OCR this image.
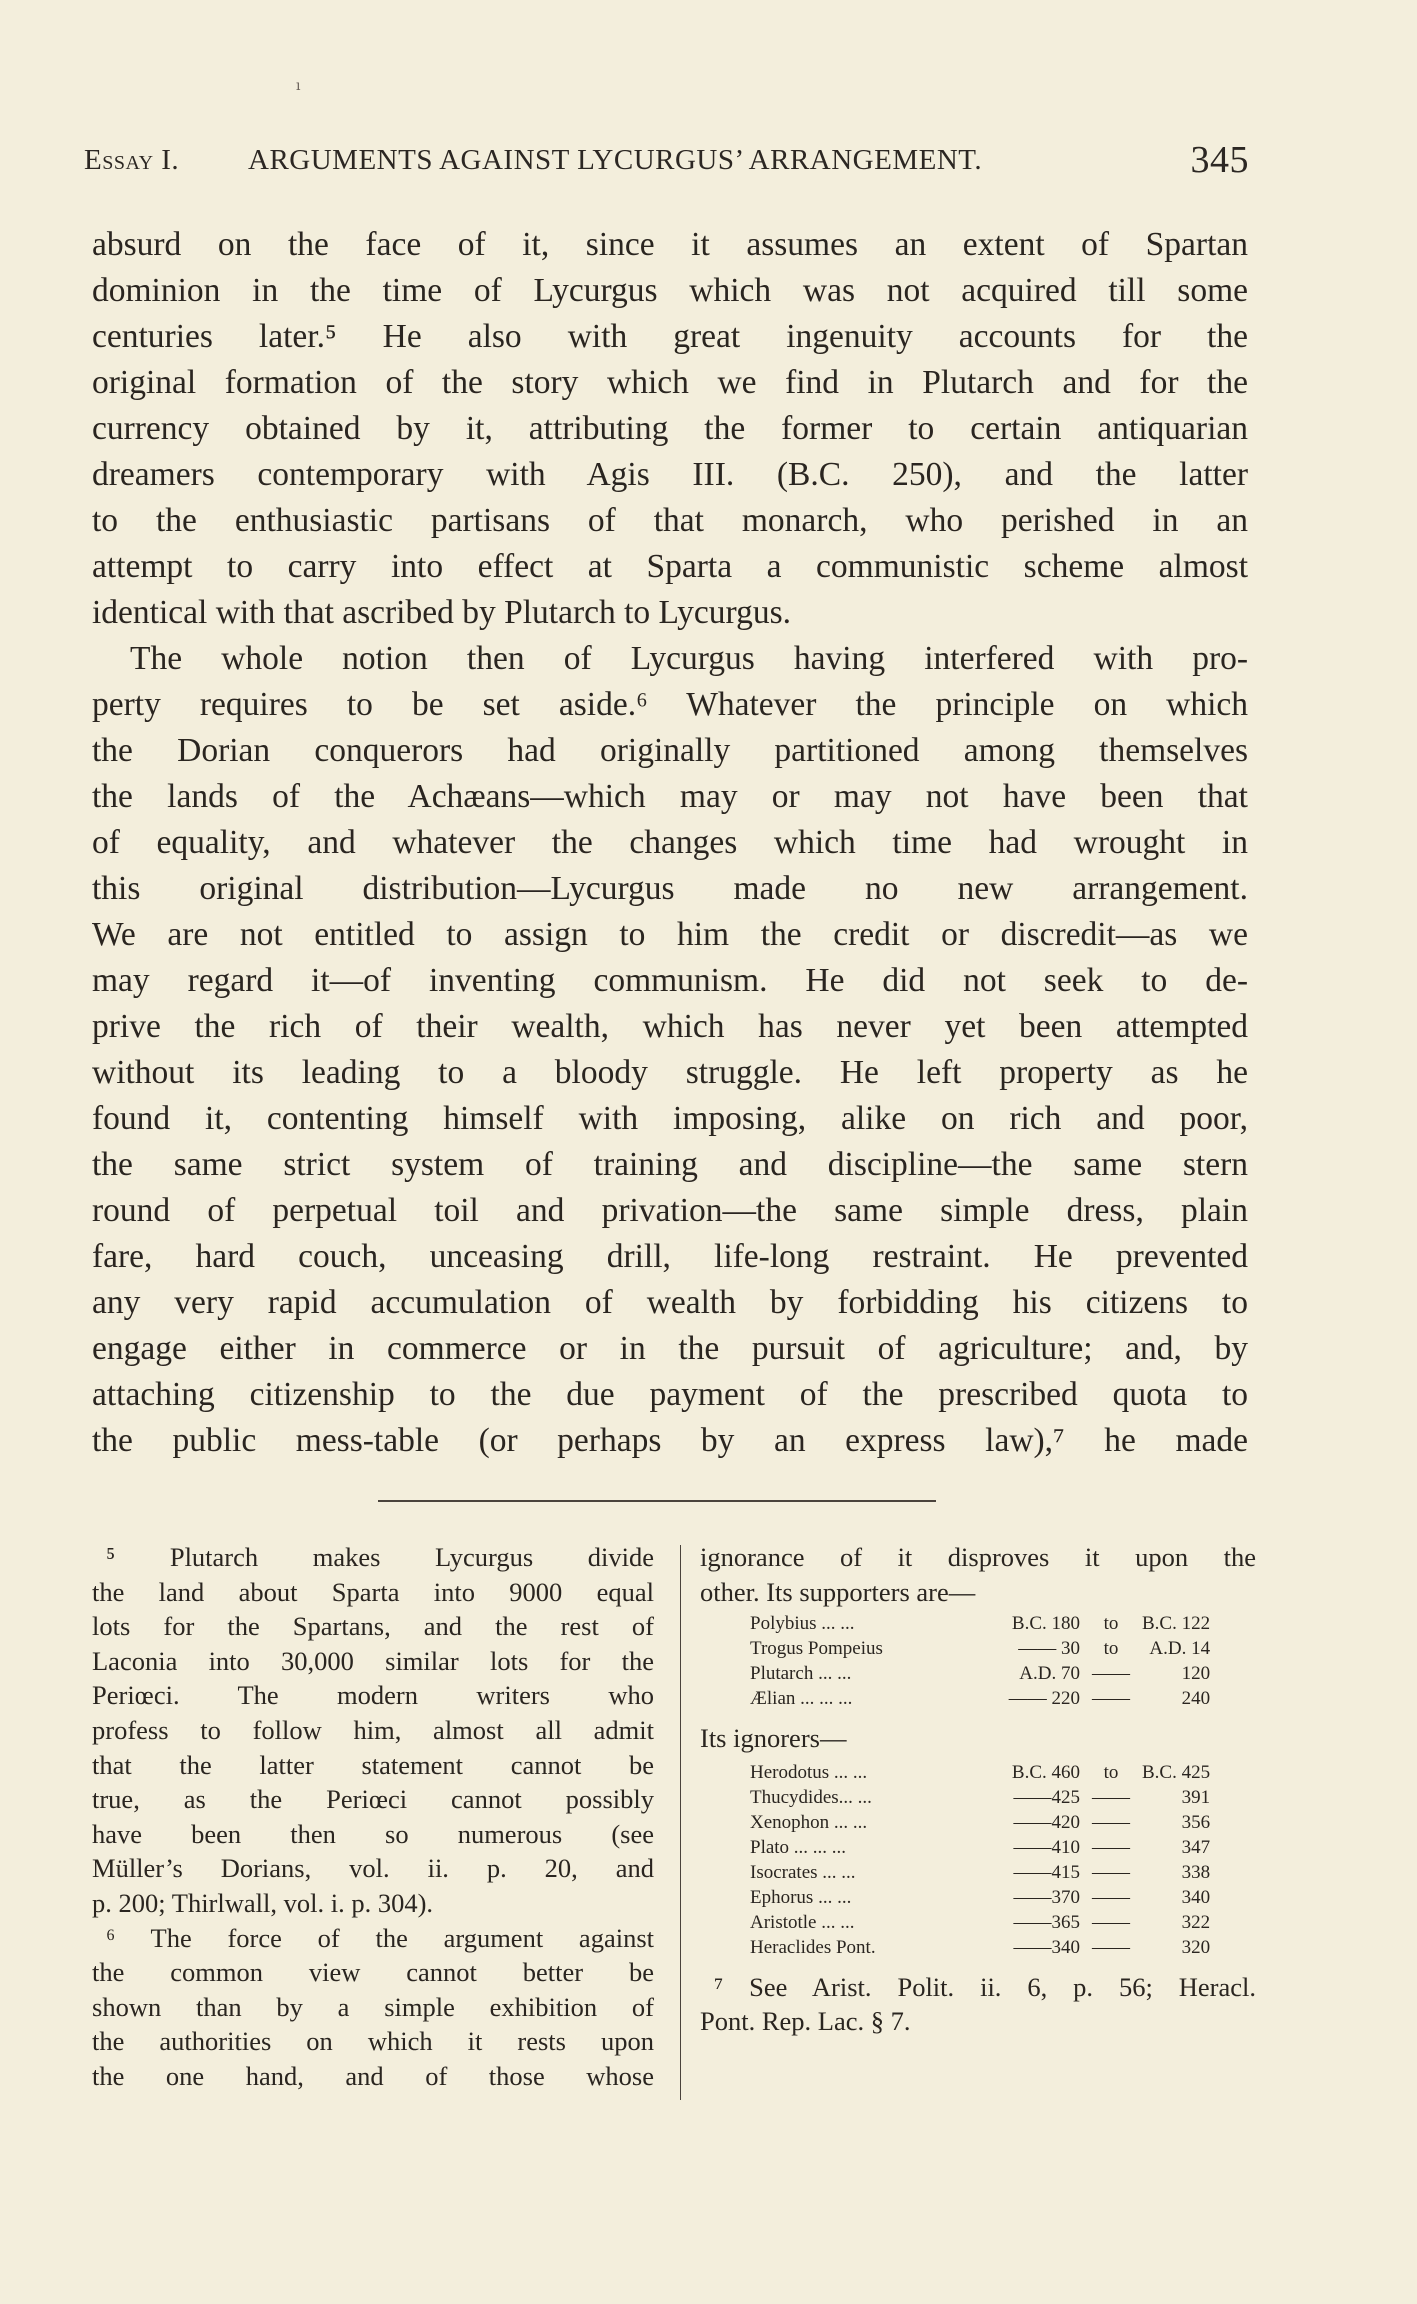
ı
Essay I. ARGUMENTS AGAINST LYCURGUS’ ARRANGEMENT.	345
absurd on the face of it, since it assumes an extent of Spartan
dominion in the time of Lycurgus which was not acquired till some
centuries later.⁵ He also with great ingenuity accounts for the
original formation of the story which we find in Plutarch and for the
currency obtained by it, attributing the former to certain antiquarian
dreamers contemporary with Agis III. (B.C. 250), and the latter
to the enthusiastic partisans of that monarch, who perished in an
attempt to carry into effect at Sparta a communistic scheme almost
identical with that ascribed by Plutarch to Lycurgus.
The whole notion then of Lycurgus having interfered with pro-
perty requires to be set aside.⁶ Whatever the principle on which
the Dorian conquerors had originally partitioned among themselves
the lands of the Achæans—which may or may not have been that
of equality, and whatever the changes which time had wrought in
this original distribution—Lycurgus made no new arrangement.
We are not entitled to assign to him the credit or discredit—as we
may regard it—of inventing communism. He did not seek to de-
prive the rich of their wealth, which has never yet been attempted
without its leading to a bloody struggle. He left property as he
found it, contenting himself with imposing, alike on rich and poor,
the same strict system of training and discipline—the same stern
round of perpetual toil and privation—the same simple dress, plain
fare, hard couch, unceasing drill, life-long restraint. He prevented
any very rapid accumulation of wealth by forbidding his citizens to
engage either in commerce or in the pursuit of agriculture; and, by
attaching citizenship to the due payment of the prescribed quota to
the public mess-table (or perhaps by an express law),⁷ he made
⁵ Plutarch makes Lycurgus divide
the land about Sparta into 9000 equal
lots for the Spartans, and the rest of
Laconia into 30,000 similar lots for the
Periœci. The modern writers who
profess to follow him, almost all admit
that the latter statement cannot be
true, as the Periœci cannot possibly
have been then so numerous (see
Müller’s Dorians, vol. ii. p. 20, and
p. 200; Thirlwall, vol. i. p. 304).
⁶ The force of the argument against
the common view cannot better be
shown than by a simple exhibition of
the authorities on which it rests upon
the one hand, and of those whose
ignorance of it disproves it upon the
other. Its supporters are—
Polybius ... ...	B.C. 180	to	B.C. 122
Trogus Pompeius	—— 30	to	A.D. 14
Plutarch ... ...	A.D. 70	——	120
Ælian ... ... ...	—— 220	——	240
Its ignorers—
Herodotus ... ...	B.C. 460	to	B.C. 425
Thucydides... ...	——425	——	391
Xenophon ... ...	——420	——	356
Plato ... ... ...	——410	——	347
Isocrates ... ...	——415	——	338
Ephorus ... ...	——370	——	340
Aristotle ... ...	——365	——	322
Heraclides Pont.	——340	——	320
⁷ See Arist. Polit. ii. 6, p. 56; Heracl.
Pont. Rep. Lac. § 7.
